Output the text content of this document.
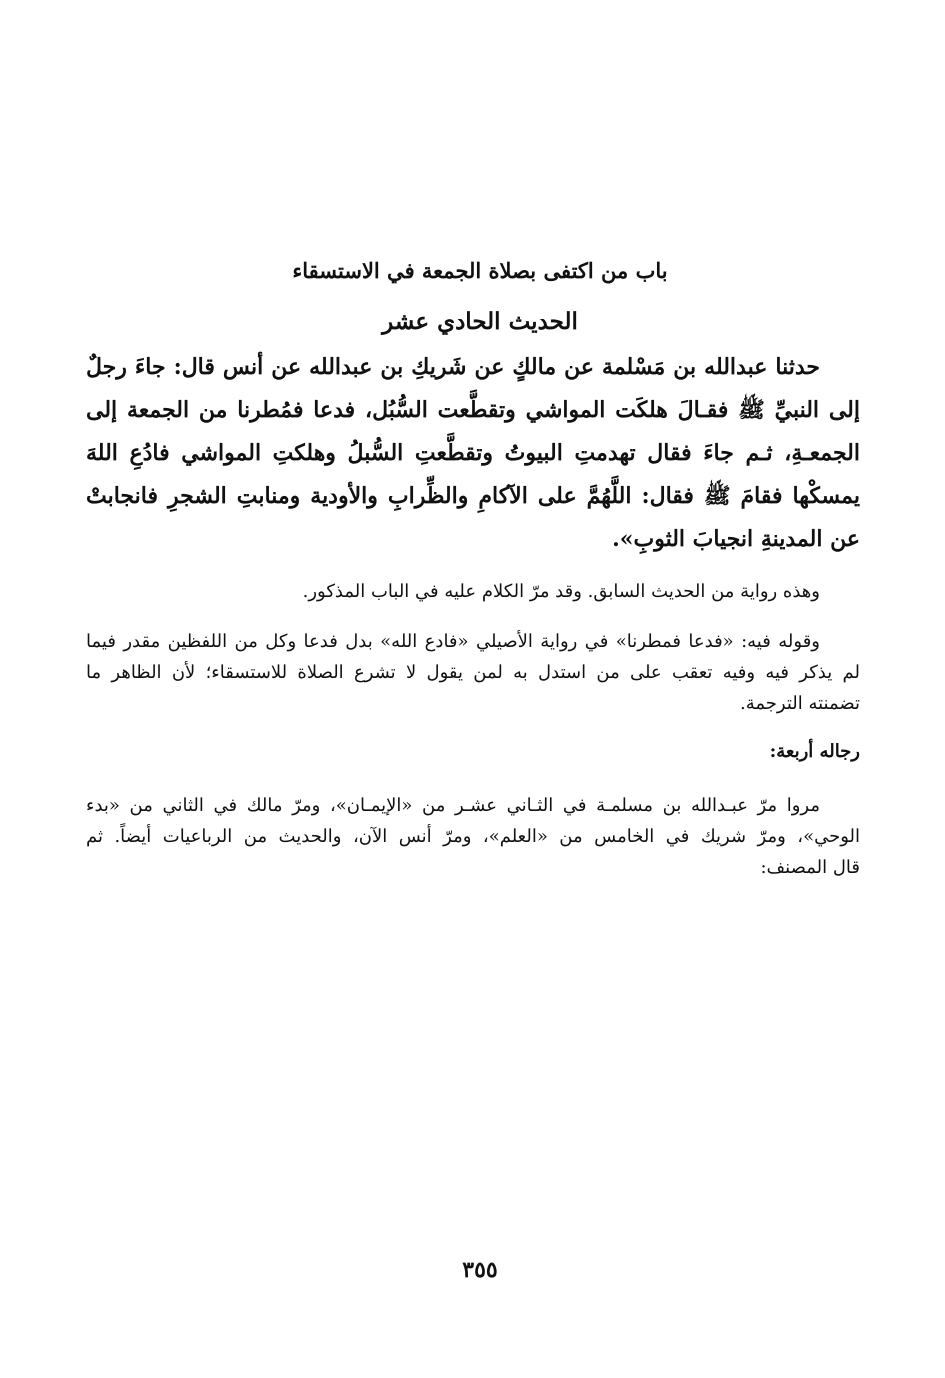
باب من اكتفى بصلاة الجمعة في الاستسقاء
الحديث الحادي عشر
حدثنا عبدالله بن مَسْلمة عن مالكٍ عن شَريكِ بن عبدالله عن أنس قال: جاءَ رجلٌ
إلى النبيِّ ﷺ فقـالَ هلكَت المواشي وتقطَّعت السُّبُل، فدعا فمُطرنا من الجمعة إلى
الجمعـةِ، ثـم جاءَ فقال تهدمتِ البيوتُ وتقطَّعتِ السُّبلُ وهلكتِ المواشي فادُعِ اللهَ
يمسكْها فقامَ ﷺ فقال: اللَّهُمَّ على الآكامِ والظِّرابِ والأودية ومنابتِ الشجرِ فانجابتْ
عن المدينةِ انجيابَ الثوبِ».
وهذه رواية من الحديث السابق. وقد مرّ الكلام عليه في الباب المذكور.
وقوله فيه: «فدعا فمطرنا» في رواية الأصيلي «فادع الله» بدل فدعا وكل من اللفظين مقدر فيما
لم يذكر فيه وفيه تعقب على من استدل به لمن يقول لا تشرع الصلاة للاستسقاء؛ لأن الظاهر ما
تضمنته الترجمة.
رجاله أربعة:
مروا مرّ عبـدالله بن مسلمـة في الثـاني عشـر من «الإيمـان»، ومرّ مالك في الثاني من «بدء
الوحي»، ومرّ شريك في الخامس من «العلم»، ومرّ أنس الآن، والحديث من الرباعيات أيضاً. ثم
قال المصنف:
٣٥٥
